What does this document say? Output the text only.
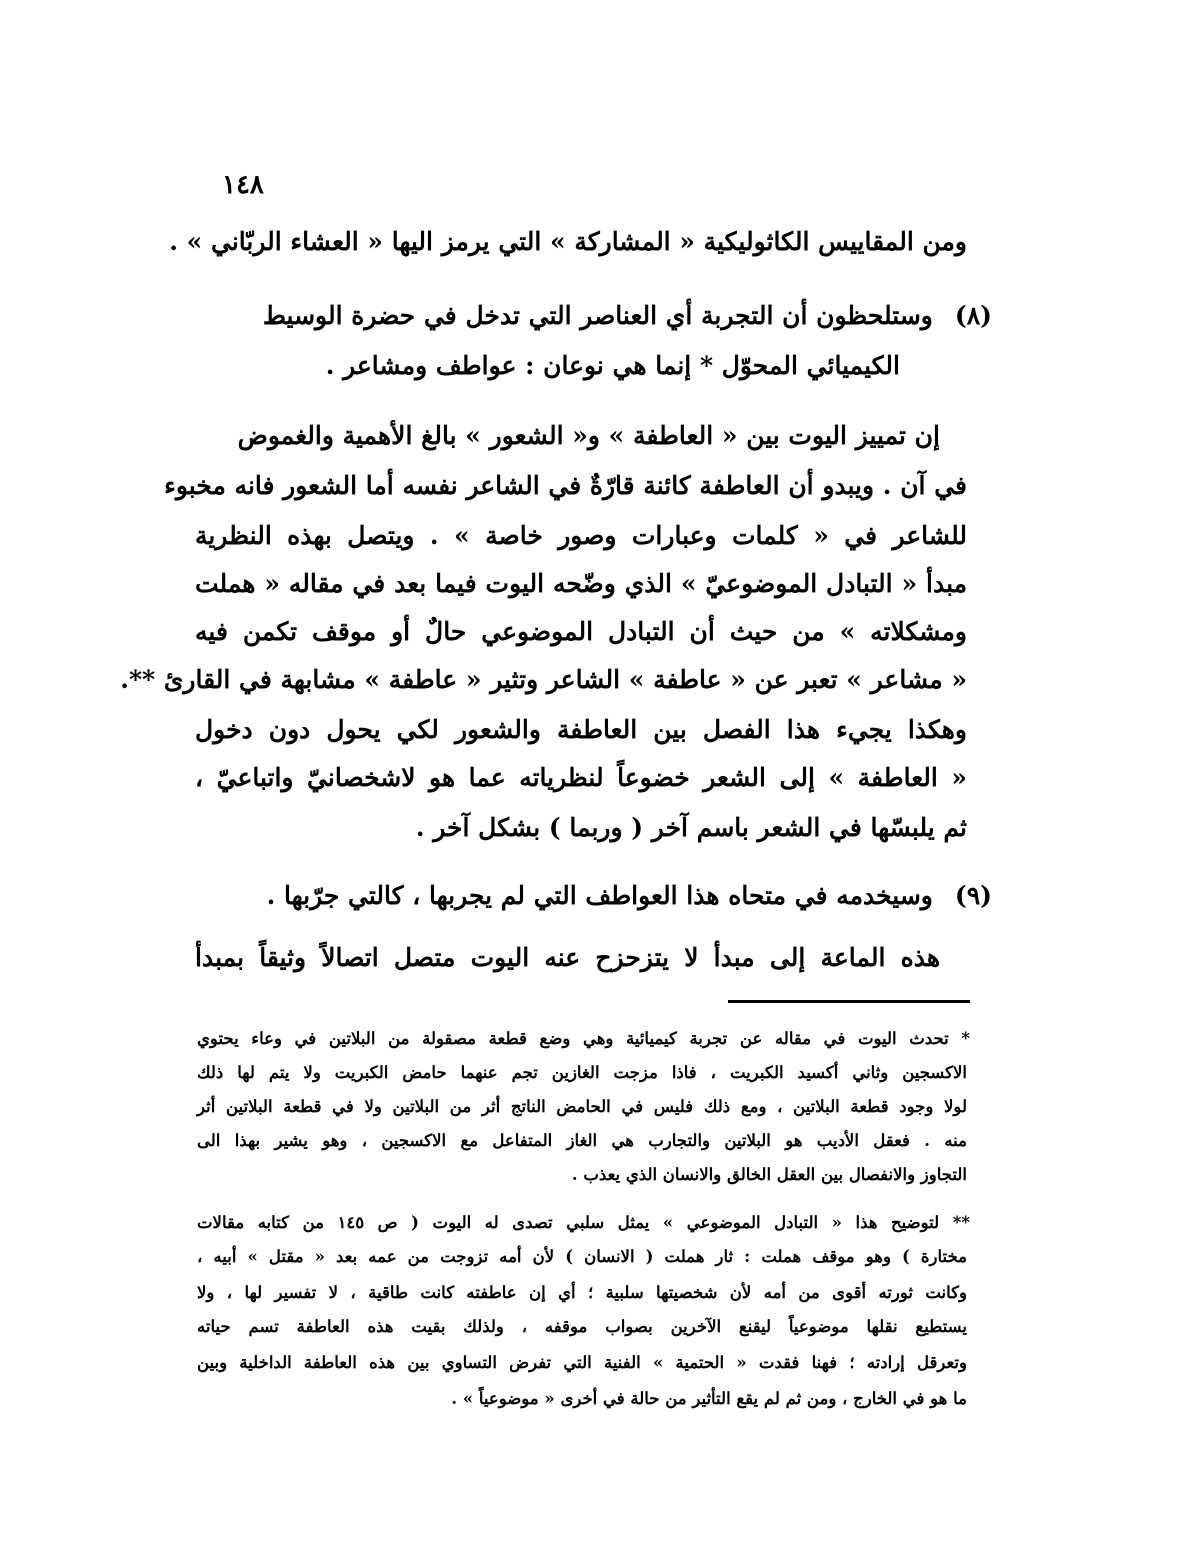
١٤٨
ومن المقاييس الكاثوليكية « المشاركة » التي يرمز اليها « العشاء الربّاني » .
(٨)وستلحظون أن التجربة أي العناصر التي تدخل في حضرة الوسيط
الكيميائي المحوّل * إنما هي نوعان : عواطف ومشاعر .
إن تمييز اليوت بين « العاطفة » و« الشعور » بالغ الأهمية والغموض
في آن . ويبدو أن العاطفة كائنة قارّةٌ في الشاعر نفسه أما الشعور فانه مخبوء
للشاعر في « كلمات وعبارات وصور خاصة » . ويتصل بهذه النظرية
مبدأ « التبادل الموضوعيّ » الذي وضّحه اليوت فيما بعد في مقاله « هملت
ومشكلاته » من حيث أن التبادل الموضوعي حالٌ أو موقف تكمن فيه
« مشاعر » تعبر عن « عاطفة » الشاعر وتثير « عاطفة » مشابهة في القارئ **.
وهكذا يجيء هذا الفصل بين العاطفة والشعور لكي يحول دون دخول
« العاطفة » إلى الشعر خضوعاً لنظرياته عما هو لاشخصانيّ واتباعيّ ،
ثم يلبسّها في الشعر باسم آخر ( وربما ) بشكل آخر .
(٩)وسيخدمه في متحاه هذا العواطف التي لم يجربها ، كالتي جرّبها .
هذه الماعة إلى مبدأ لا يتزحزح عنه اليوت متصل اتصالاً وثيقاً بمبدأ
* تحدث اليوت في مقاله عن تجربة كيميائية وهي وضع قطعة مصقولة من البلاتين في وعاء يحتوي
الاكسجين وثاني أكسيد الكبريت ، فاذا مزجت الغازين تجم عنهما حامض الكبريت ولا يتم لها ذلك
لولا وجود قطعة البلاتين ، ومع ذلك فليس في الحامض الناتج أثر من البلاتين ولا في قطعة البلاتين أثر
منه . فعقل الأديب هو البلاتين والتجارب هي الغاز المتفاعل مع الاكسجين ، وهو يشير بهذا الى
التجاوز والانفصال بين العقل الخالق والانسان الذي يعذب .
** لتوضيح هذا « التبادل الموضوعي » يمثل سلبي تصدى له اليوت ( ص ١٤٥ من كتابه مقالات
مختارة ) وهو موقف هملت : ثار هملت ( الانسان ) لأن أمه تزوجت من عمه بعد « مقتل » أبيه ،
وكانت ثورته أقوى من أمه لأن شخصيتها سلبية ؛ أي إن عاطفته كانت طاقية ، لا تفسير لها ، ولا
يستطيع نقلها موضوعياً ليقنع الآخرين بصواب موقفه ، ولذلك بقيت هذه العاطفة تسم حياته
وتعرقل إرادته ؛ فهنا فقدت « الحتمية » الفنية التي تفرض التساوي بين هذه العاطفة الداخلية وبين
ما هو في الخارج ، ومن ثم لم يقع التأثير من حالة في أخرى « موضوعياً » .
